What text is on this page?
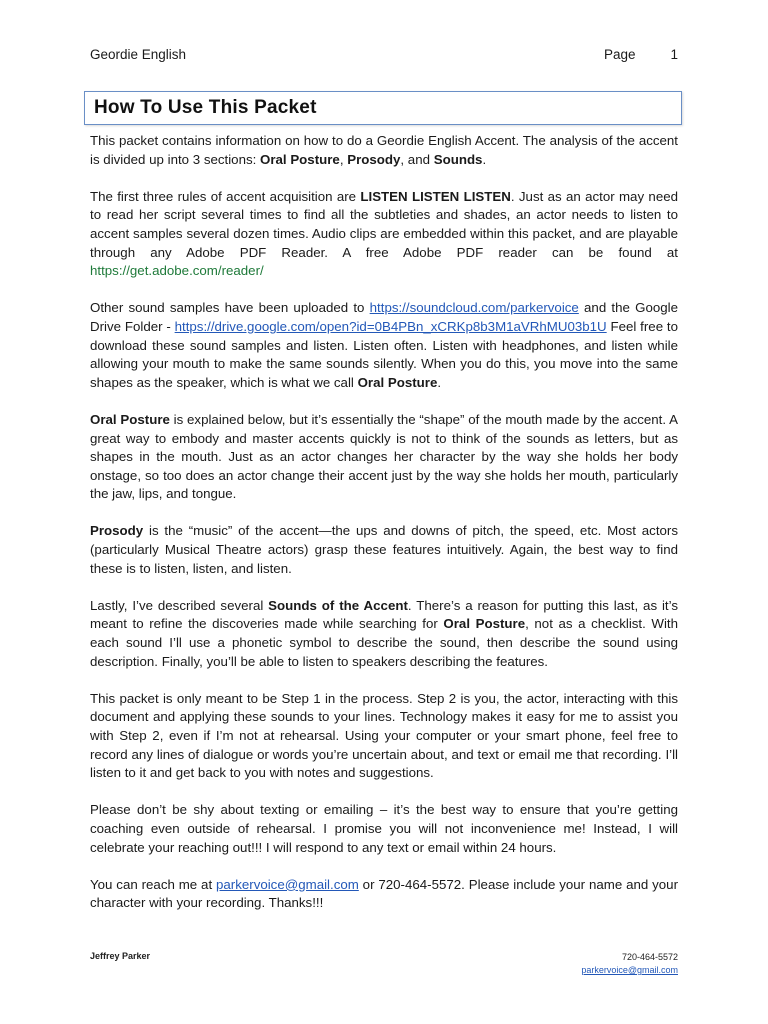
Geordie English	Page	1
How To Use This Packet

This packet contains information on how to do a Geordie English Accent. The analysis of the accent is divided up into 3 sections: Oral Posture, Prosody, and Sounds.

The first three rules of accent acquisition are LISTEN LISTEN LISTEN. Just as an actor may need to read her script several times to find all the subtleties and shades, an actor needs to listen to accent samples several dozen times. Audio clips are embedded within this packet, and are playable through any Adobe PDF Reader. A free Adobe PDF reader can be found at https://get.adobe.com/reader/

Other sound samples have been uploaded to https://soundcloud.com/parkervoice and the Google Drive Folder - https://drive.google.com/open?id=0B4PBn_xCRKp8b3M1aVRhMU03b1U Feel free to download these sound samples and listen. Listen often. Listen with headphones, and listen while allowing your mouth to make the same sounds silently. When you do this, you move into the same shapes as the speaker, which is what we call Oral Posture.

Oral Posture is explained below, but it’s essentially the “shape” of the mouth made by the accent. A great way to embody and master accents quickly is not to think of the sounds as letters, but as shapes in the mouth. Just as an actor changes her character by the way she holds her body onstage, so too does an actor change their accent just by the way she holds her mouth, particularly the jaw, lips, and tongue.

Prosody is the “music” of the accent—the ups and downs of pitch, the speed, etc. Most actors (particularly Musical Theatre actors) grasp these features intuitively. Again, the best way to find these is to listen, listen, and listen.

Lastly, I’ve described several Sounds of the Accent. There’s a reason for putting this last, as it’s meant to refine the discoveries made while searching for Oral Posture, not as a checklist. With each sound I’ll use a phonetic symbol to describe the sound, then describe the sound using description. Finally, you’ll be able to listen to speakers describing the features.

This packet is only meant to be Step 1 in the process. Step 2 is you, the actor, interacting with this document and applying these sounds to your lines. Technology makes it easy for me to assist you with Step 2, even if I’m not at rehearsal. Using your computer or your smart phone, feel free to record any lines of dialogue or words you’re uncertain about, and text or email me that recording. I’ll listen to it and get back to you with notes and suggestions.

Please don’t be shy about texting or emailing – it’s the best way to ensure that you’re getting coaching even outside of rehearsal. I promise you will not inconvenience me! Instead, I will celebrate your reaching out!!! I will respond to any text or email within 24 hours.

You can reach me at parkervoice@gmail.com or 720-464-5572. Please include your name and your character with your recording. Thanks!!!

Jeffrey Parker	720-464-5572
parkervoice@gmail.com
